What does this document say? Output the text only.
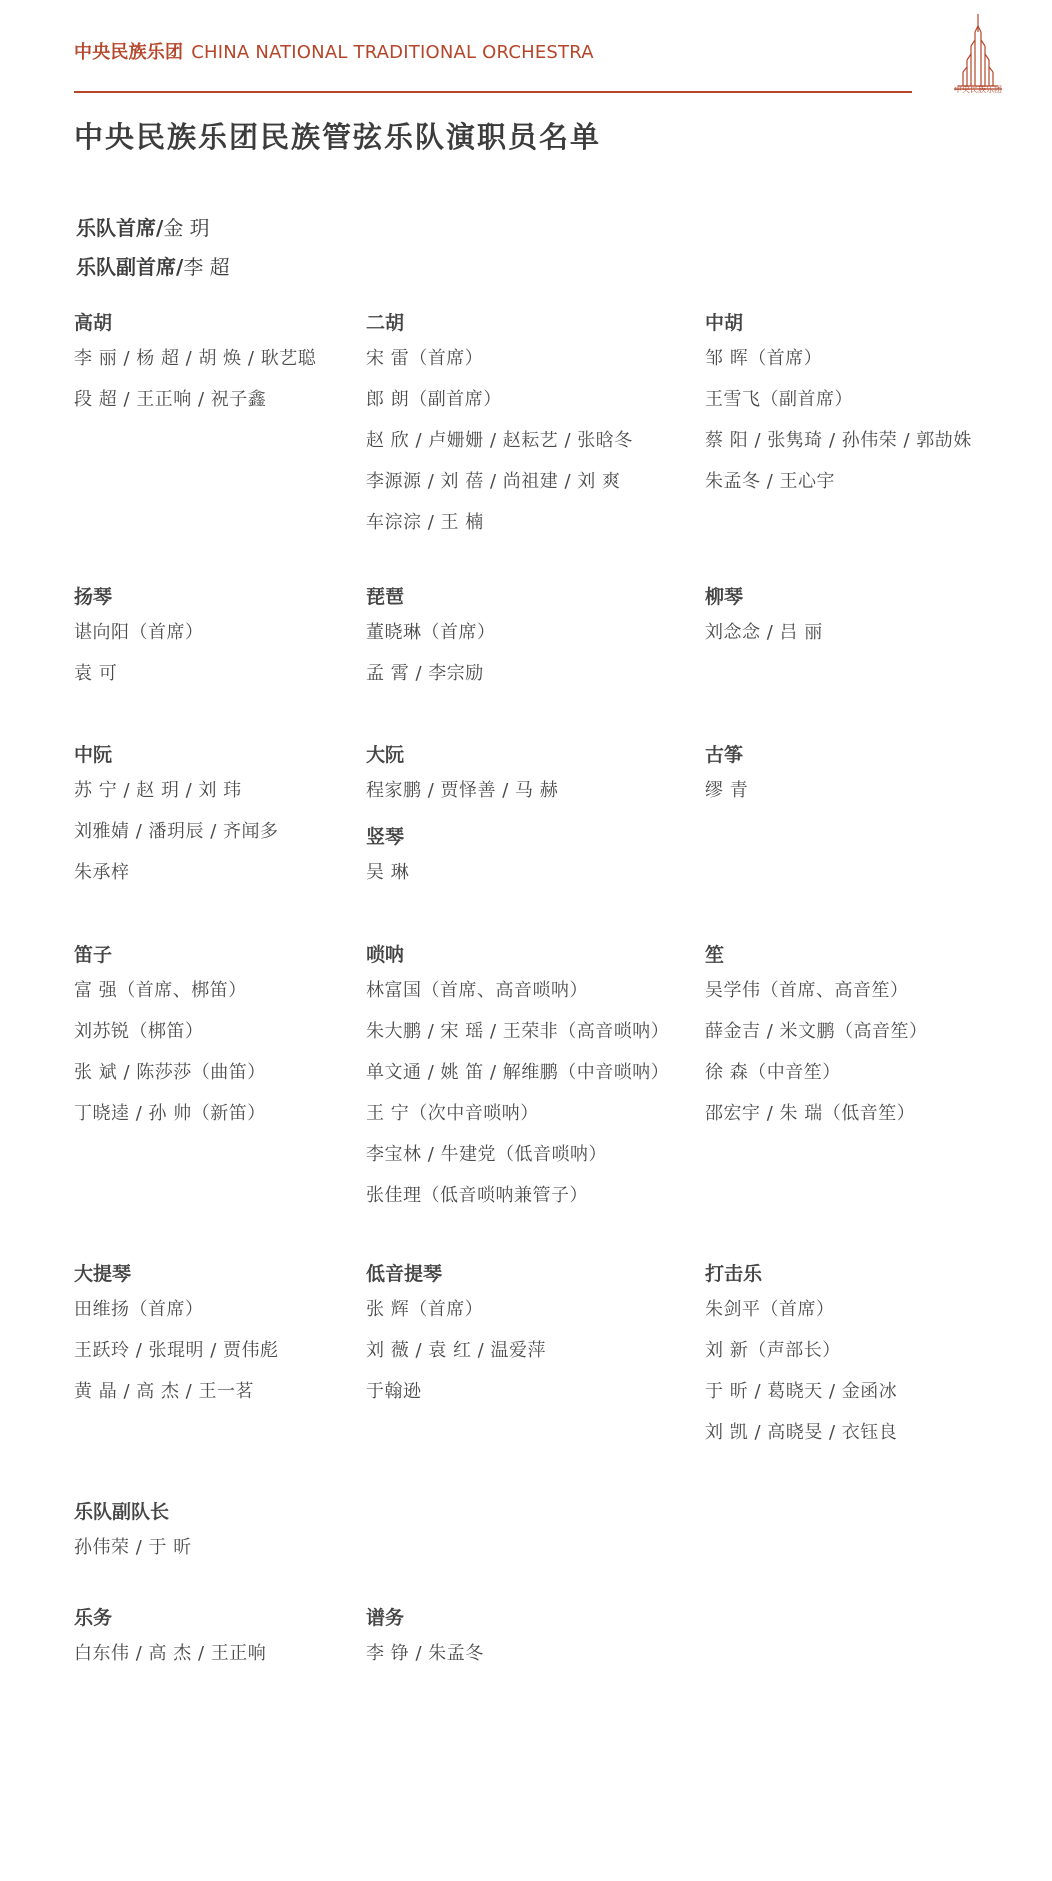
中央民族乐团 CHINA NATIONAL TRADITIONAL ORCHESTRA
中央民族乐团
中央民族乐团民族管弦乐队演职员名单
乐队首席/金 玥
乐队副首席/李 超
高胡
李 丽 / 杨 超 / 胡 焕 / 耿艺聪
段 超 / 王正响 / 祝子鑫
二胡
宋 雷（首席）
郎 朗（副首席）
赵 欣 / 卢姗姗 / 赵耘艺 / 张晗冬
李源源 / 刘 蓓 / 尚祖建 / 刘 爽
车淙淙 / 王 楠
中胡
邹 晖（首席）
王雪飞（副首席）
蔡 阳 / 张隽琦 / 孙伟荣 / 郭劼姝
朱孟冬 / 王心宇
扬琴
谌向阳（首席）
袁 可
琵琶
董晓琳（首席）
孟 霄 / 李宗励
柳琴
刘念念 / 吕 丽
中阮
苏 宁 / 赵 玥 / 刘 玮
刘雅婧 / 潘玥辰 / 齐闻多
朱承梓
大阮
程家鹏 / 贾怿善 / 马 赫
竖琴
吴 琳
古筝
缪 青
笛子
富 强（首席、梆笛）
刘苏锐（梆笛）
张 斌 / 陈莎莎（曲笛）
丁晓逵 / 孙 帅（新笛）
唢呐
林富国（首席、高音唢呐）
朱大鹏 / 宋 瑶 / 王荣非（高音唢呐）
单文通 / 姚 笛 / 解维鹏（中音唢呐）
王 宁（次中音唢呐）
李宝林 / 牛建党（低音唢呐）
张佳理（低音唢呐兼管子）
笙
吴学伟（首席、高音笙）
薛金吉 / 米文鹏（高音笙）
徐 森（中音笙）
邵宏宇 / 朱 瑞（低音笙）
大提琴
田维扬（首席）
王跃玲 / 张琨明 / 贾伟彪
黄 晶 / 高 杰 / 王一茗
低音提琴
张 辉（首席）
刘 薇 / 袁 红 / 温爱萍
于翰逊
打击乐
朱剑平（首席）
刘 新（声部长）
于 昕 / 葛晓天 / 金函冰
刘 凯 / 高晓旻 / 衣钰良
乐队副队长
孙伟荣 / 于 昕
乐务
白东伟 / 高 杰 / 王正响
谱务
李 铮 / 朱孟冬
